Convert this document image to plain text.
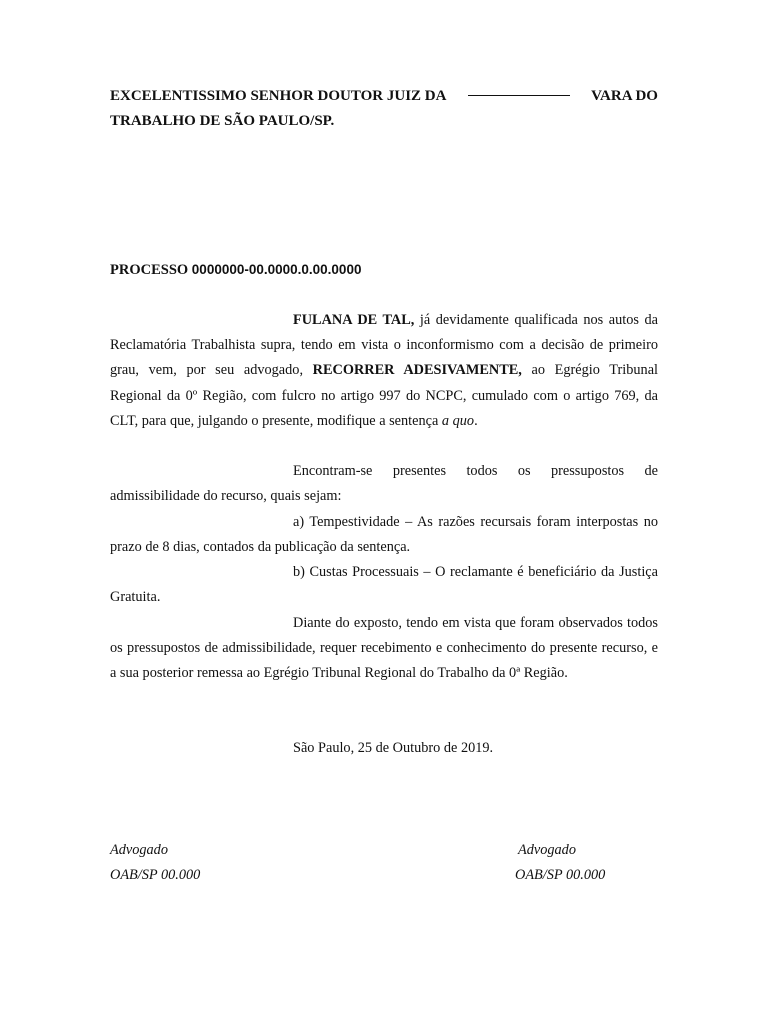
EXCELENTISSIMO SENHOR DOUTOR JUIZ DA	VARA DO
TRABALHO DE SÃO PAULO/SP.
PROCESSO 0000000-00.0000.0.00.0000
FULANA DE TAL, já devidamente qualificada nos autos da Reclamatória Trabalhista supra, tendo em vista o inconformismo com a decisão de primeiro grau, vem, por seu advogado, RECORRER ADESIVAMENTE, ao Egrégio Tribunal Regional da 0º Região, com fulcro no artigo 997 do NCPC, cumulado com o artigo 769, da CLT, para que, julgando o presente, modifique a sentença a quo.
Encontram-se presentes todos os pressupostos de admissibilidade do recurso, quais sejam:
a) Tempestividade – As razões recursais foram interpostas no prazo de 8 dias, contados da publicação da sentença.
b) Custas Processuais – O reclamante é beneficiário da Justiça Gratuita.
Diante do exposto, tendo em vista que foram observados todos os pressupostos de admissibilidade, requer recebimento e conhecimento do presente recurso, e a sua posterior remessa ao Egrégio Tribunal Regional do Trabalho da 0ª Região.
São Paulo, 25 de Outubro de 2019.
Advogado
OAB/SP 00.000
Advogado
OAB/SP 00.000
